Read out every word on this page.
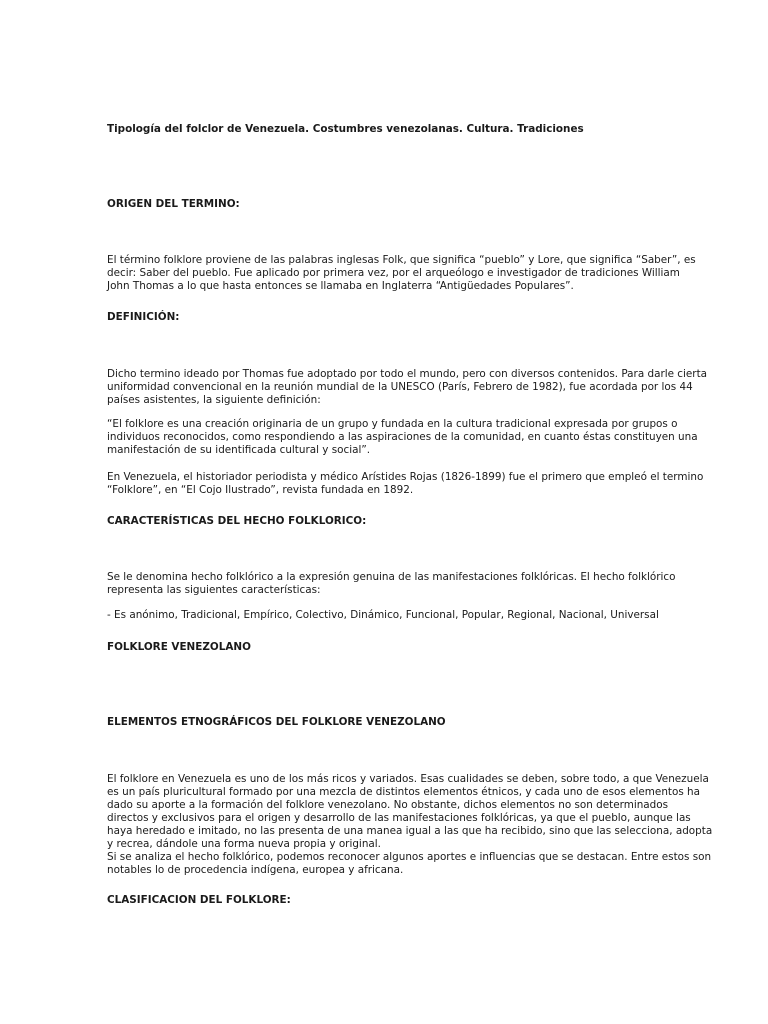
Tipología del folclor de Venezuela. Costumbres venezolanas. Cultura. Tradiciones

ORIGEN DEL TERMINO:

El término folklore proviene de las palabras inglesas Folk, que significa “pueblo” y Lore, que significa “Saber”, es
decir: Saber del pueblo. Fue aplicado por primera vez, por el arqueólogo e investigador de tradiciones William
John Thomas a lo que hasta entonces se llamaba en Inglaterra “Antigüedades Populares”.

DEFINICIÓN:

Dicho termino ideado por Thomas fue adoptado por todo el mundo, pero con diversos contenidos. Para darle cierta
uniformidad convencional en la reunión mundial de la UNESCO (París, Febrero de 1982), fue acordada por los 44
países asistentes, la siguiente definición:

“El folklore es una creación originaria de un grupo y fundada en la cultura tradicional expresada por grupos o
individuos reconocidos, como respondiendo a las aspiraciones de la comunidad, en cuanto éstas constituyen una
manifestación de su identificada cultural y social”.

En Venezuela, el historiador periodista y médico Arístides Rojas (1826-1899) fue el primero que empleó el termino
“Folklore”, en “El Cojo Ilustrado”, revista fundada en 1892.

CARACTERÍSTICAS DEL HECHO FOLKLORICO:

Se le denomina hecho folklórico a la expresión genuina de las manifestaciones folklóricas. El hecho folklórico
representa las siguientes características:

- Es anónimo, Tradicional, Empírico, Colectivo, Dinámico, Funcional, Popular, Regional, Nacional, Universal

FOLKLORE VENEZOLANO

ELEMENTOS ETNOGRÁFICOS DEL FOLKLORE VENEZOLANO

El folklore en Venezuela es uno de los más ricos y variados. Esas cualidades se deben, sobre todo, a que Venezuela
es un país pluricultural formado por una mezcla de distintos elementos étnicos, y cada uno de esos elementos ha
dado su aporte a la formación del folklore venezolano. No obstante, dichos elementos no son determinados
directos y exclusivos para el origen y desarrollo de las manifestaciones folklóricas, ya que el pueblo, aunque las
haya heredado e imitado, no las presenta de una manea igual a las que ha recibido, sino que las selecciona, adopta
y recrea, dándole una forma nueva propia y original.
Si se analiza el hecho folklórico, podemos reconocer algunos aportes e influencias que se destacan. Entre estos son
notables lo de procedencia indígena, europea y africana.

CLASIFICACION DEL FOLKLORE:
